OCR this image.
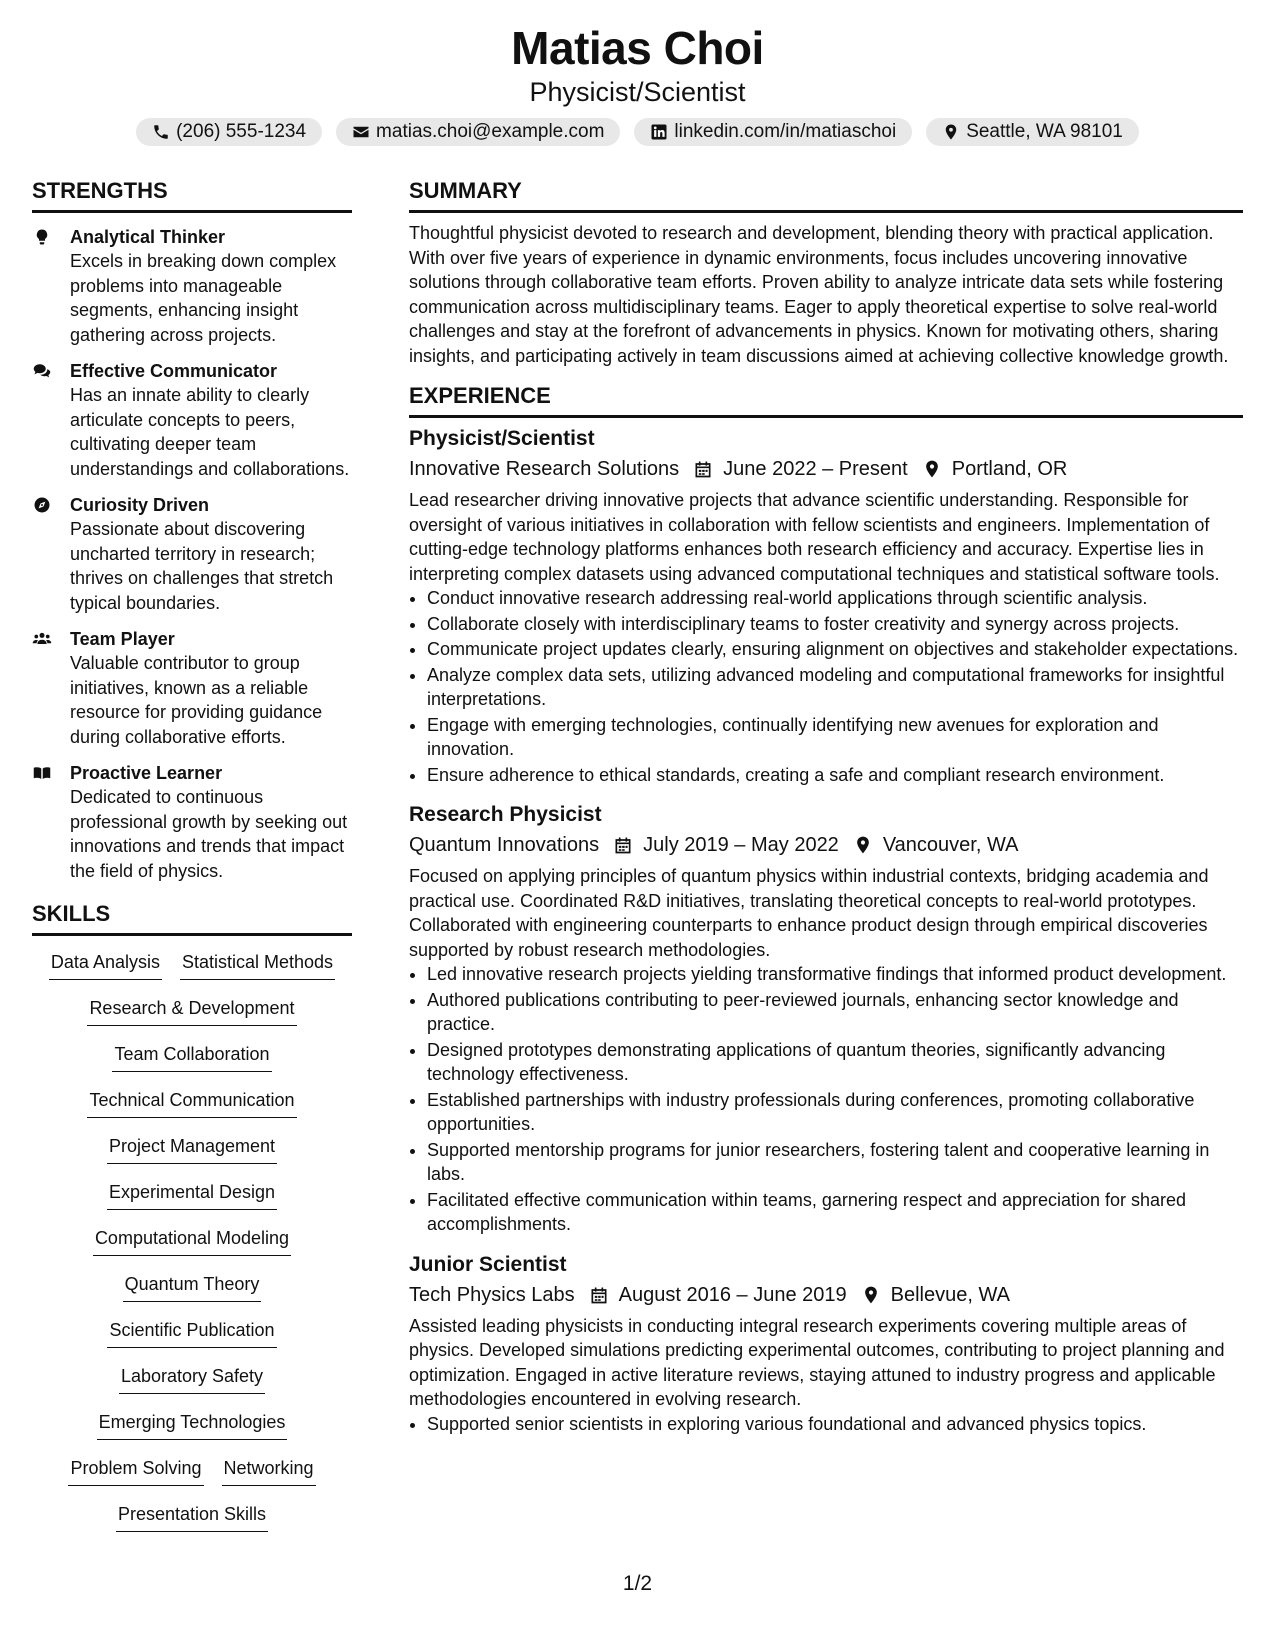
Matias Choi
Physicist/Scientist
(206) 555-1234	matias.choi@example.com	linkedin.com/in/matiaschoi	Seattle, WA 98101
STRENGTHS
Analytical Thinker
Excels in breaking down complex problems into manageable segments, enhancing insight gathering across projects.
Effective Communicator
Has an innate ability to clearly articulate concepts to peers, cultivating deeper team understandings and collaborations.
Curiosity Driven
Passionate about discovering uncharted territory in research; thrives on challenges that stretch typical boundaries.
Team Player
Valuable contributor to group initiatives, known as a reliable resource for providing guidance during collaborative efforts.
Proactive Learner
Dedicated to continuous professional growth by seeking out innovations and trends that impact the field of physics.
SKILLS
Data Analysis Statistical Methods
Research & Development
Team Collaboration
Technical Communication
Project Management
Experimental Design
Computational Modeling
Quantum Theory
Scientific Publication
Laboratory Safety
Emerging Technologies
Problem Solving Networking
Presentation Skills
SUMMARY

Thoughtful physicist devoted to research and development, blending theory with practical application. With over five years of experience in dynamic environments, focus includes uncovering innovative solutions through collaborative team efforts. Proven ability to analyze intricate data sets while fostering communication across multidisciplinary teams. Eager to apply theoretical expertise to solve real-world challenges and stay at the forefront of advancements in physics. Known for motivating others, sharing insights, and participating actively in team discussions aimed at achieving collective knowledge growth.

EXPERIENCE
Physicist/Scientist
Innovative Research Solutions June 2022 – Present Portland, OR
Lead researcher driving innovative projects that advance scientific understanding. Responsible for oversight of various initiatives in collaboration with fellow scientists and engineers. Implementation of cutting-edge technology platforms enhances both research efficiency and accuracy. Expertise lies in interpreting complex datasets using advanced computational techniques and statistical software tools.
• Conduct innovative research addressing real-world applications through scientific analysis.
• Collaborate closely with interdisciplinary teams to foster creativity and synergy across projects.
• Communicate project updates clearly, ensuring alignment on objectives and stakeholder expectations.
• Analyze complex data sets, utilizing advanced modeling and computational frameworks for insightful interpretations.
• Engage with emerging technologies, continually identifying new avenues for exploration and innovation.
• Ensure adherence to ethical standards, creating a safe and compliant research environment.
Research Physicist
Quantum Innovations July 2019 – May 2022 Vancouver, WA
Focused on applying principles of quantum physics within industrial contexts, bridging academia and practical use. Coordinated R&D initiatives, translating theoretical concepts to real-world prototypes. Collaborated with engineering counterparts to enhance product design through empirical discoveries supported by robust research methodologies.
• Led innovative research projects yielding transformative findings that informed product development.
• Authored publications contributing to peer-reviewed journals, enhancing sector knowledge and practice.
• Designed prototypes demonstrating applications of quantum theories, significantly advancing technology effectiveness.
• Established partnerships with industry professionals during conferences, promoting collaborative opportunities.
• Supported mentorship programs for junior researchers, fostering talent and cooperative learning in labs.
• Facilitated effective communication within teams, garnering respect and appreciation for shared accomplishments.
Junior Scientist
Tech Physics Labs August 2016 – June 2019 Bellevue, WA
Assisted leading physicists in conducting integral research experiments covering multiple areas of physics. Developed simulations predicting experimental outcomes, contributing to project planning and optimization. Engaged in active literature reviews, staying attuned to industry progress and applicable methodologies encountered in evolving research.
• Supported senior scientists in exploring various foundational and advanced physics topics.
1/2
